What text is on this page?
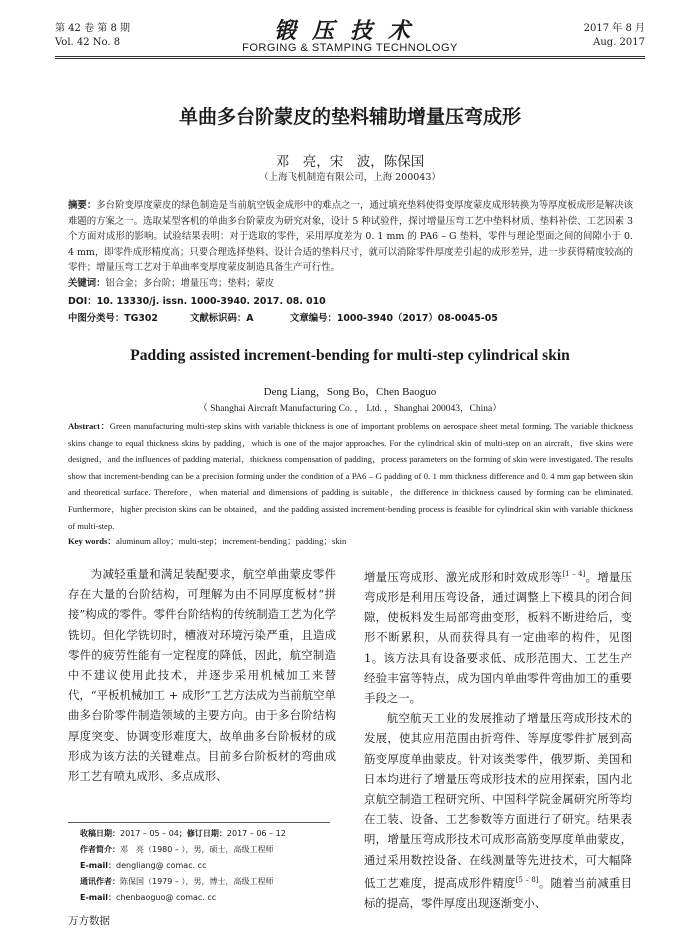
第 42 卷 第 8 期
Vol. 42 No. 8	锻压技术
FORGING & STAMPING TECHNOLOGY
2017 年 8 月
Aug. 2017
单曲多台阶蒙皮的垫料辅助增量压弯成形
邓　亮，宋　波，陈保国
（上海飞机制造有限公司，上海 200043）
摘要：多台阶变厚度蒙皮的绿色制造是当前航空钣金成形中的难点之一，通过填充垫料使得变厚度蒙皮成形转换为等厚度板成形是解决该难题的方案之一。选取某型客机的单曲多台阶蒙皮为研究对象，设计 5 种试验件，探讨增量压弯工艺中垫料材质、垫料补偿、工艺因素 3 个方面对成形的影响。试验结果表明：对于选取的零件，采用厚度差为 0. 1 mm 的 PA6 – G 垫料，零件与理论型面之间的间隙小于 0. 4 mm，即零件成形精度高；只要合理选择垫料、设计合适的垫料尺寸，就可以消除零件厚度差引起的成形差异，进一步获得精度较高的零件；增量压弯工艺对于单曲率变厚度蒙皮制造具备生产可行性。
关键词：铝合金；多台阶；增量压弯；垫料；蒙皮
DOI：10. 13330/j. issn. 1000-3940. 2017. 08. 010
中图分类号：TG302	文献标识码：A	文章编号：1000-3940（2017）08-0045-05
Padding assisted increment-bending for multi-step cylindrical skin
Deng Liang，Song Bo，Chen Baoguo
（ Shanghai Aircraft Manufacturing Co. ， Ltd. ，Shanghai 200043，China）
Abstract：Green manufacturing multi-step skins with variable thickness is one of important problems on aerospace sheet metal forming. The variable thickness skins change to equal thickness skins by padding，which is one of the major approaches. For the cylindrical skin of multi-step on an aircraft，five skins were designed，and the influences of padding material，thickness compensation of padding，process parameters on the forming of skin were investigated. The results show that increment-bending can be a precision forming under the condition of a PA6 – G padding of 0. 1 mm thickness difference and 0. 4 mm gap between skin and theoretical surface. Therefore，when material and dimensions of padding is suitable，the difference in thickness caused by forming can be eliminated. Furthermore，higher precision skins can be obtained，and the padding assisted increment-bending process is feasible for cylindrical skin with variable thickness of multi-step.
Key words：aluminum alloy；multi-step；increment-bending；padding；skin

为减轻重量和满足装配要求，航空单曲蒙皮零件存在大量的台阶结构，可理解为由不同厚度板材“拼接”构成的零件。零件台阶结构的传统制造工艺为化学铣切。但化学铣切时，槽液对环境污染严重，且造成零件的疲劳性能有一定程度的降低，因此，航空制造中不建议使用此技术，并逐步采用机械加工来替代，“平板机械加工 + 成形”工艺方法成为当前航空单曲多台阶零件制造领域的主要方向。由于多台阶结构厚度突变、协调变形难度大，故单曲多台阶板材的成形成为该方法的关键难点。目前多台阶板材的弯曲成形工艺有喷丸成形、多点成形、

增量压弯成形、激光成形和时效成形等[1 – 4]。增量压弯成形是利用压弯设备，通过调整上下模具的闭合间隙，使板料发生局部弯曲变形，板料不断进给后，变形不断累积，从而获得具有一定曲率的构件，见图 1。该方法具有设备要求低、成形范围大、工艺生产经验丰富等特点，成为国内单曲零件弯曲加工的重要手段之一。

航空航天工业的发展推动了增量压弯成形技术的发展，使其应用范围由折弯件、等厚度零件扩展到高筋变厚度单曲蒙皮。针对该类零件，俄罗斯、美国和日本均进行了增量压弯成形技术的应用探索，国内北京航空制造工程研究所、中国科学院金属研究所等均在工装、设备、工艺参数等方面进行了研究。结果表明，增量压弯成形技术可成形高筋变厚度单曲蒙皮，通过采用数控设备、在线测量等先进技术，可大幅降低工艺难度，提高成形件精度[5 – 8]。随着当前减重目标的提高，零件厚度出现逐渐变小、

收稿日期：2017 – 05 – 04；修订日期：2017 – 06 – 12
作者简介：邓　亮（1980 – ），男，硕士，高级工程师
E-mail：dengliang@ comac. cc
通讯作者：陈保国（1979 – ），男，博士，高级工程师
E-mail：chenbaoguo@ comac. cc
万方数据
